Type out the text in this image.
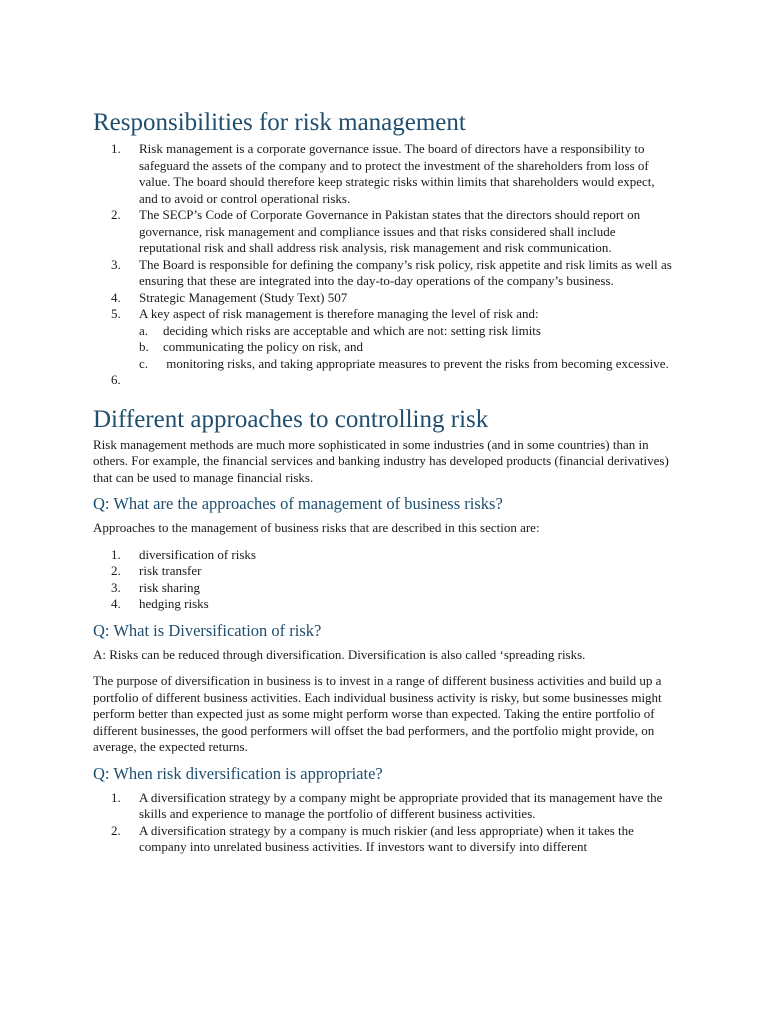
Responsibilities for risk management
1.	Risk management is a corporate governance issue. The board of directors have a responsibility to safeguard the assets of the company and to protect the investment of the shareholders from loss of value. The board should therefore keep strategic risks within limits that shareholders would expect, and to avoid or control operational risks.
2.	The SECP’s Code of Corporate Governance in Pakistan states that the directors should report on governance, risk management and compliance issues and that risks considered shall include reputational risk and shall address risk analysis, risk management and risk communication.
3.	The Board is responsible for defining the company’s risk policy, risk appetite and risk limits as well as ensuring that these are integrated into the day-to-day operations of the company’s business.
4.	Strategic Management (Study Text) 507
5.	A key aspect of risk management is therefore managing the level of risk and:
a.	deciding which risks are acceptable and which are not: setting risk limits
b.	communicating the policy on risk, and
c.	monitoring risks, and taking appropriate measures to prevent the risks from becoming excessive.
6.
Different approaches to controlling risk

Risk management methods are much more sophisticated in some industries (and in some countries) than in others. For example, the financial services and banking industry has developed products (financial derivatives) that can be used to manage financial risks.

Q: What are the approaches of management of business risks?

Approaches to the management of business risks that are described in this section are:

1.	diversification of risks
2.	risk transfer
3.	risk sharing
4.	hedging risks
Q: What is Diversification of risk?

A: Risks can be reduced through diversification. Diversification is also called ‘spreading risks.

The purpose of diversification in business is to invest in a range of different business activities and build up a portfolio of different business activities. Each individual business activity is risky, but some businesses might perform better than expected just as some might perform worse than expected. Taking the entire portfolio of different businesses, the good performers will offset the bad performers, and the portfolio might provide, on average, the expected returns.

Q: When risk diversification is appropriate?
1.	A diversification strategy by a company might be appropriate provided that its management have the skills and experience to manage the portfolio of different business activities.
2.	A diversification strategy by a company is much riskier (and less appropriate) when it takes the company into unrelated business activities. If investors want to diversify into different
